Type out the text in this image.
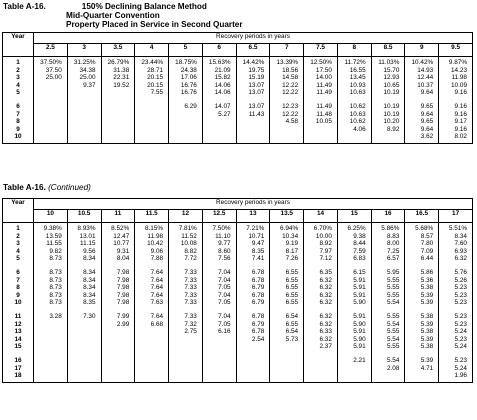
Table A-16.	150% Declining Balance Method
Mid-Quarter Convention
Property Placed in Service in Second Quarter
Year	Recovery periods in years												
	2.5	3	3.5	4	5	6	6.5	7	7.5	8	8.5	9	9.5
1	37.50%	31.25%	26.79%	23.44%	18.75%	15.63%	14.42%	13.39%	12.50%	11.72%	11.03%	10.42%	9.87%
2	37.50	34.38	31.38	28.71	24.38	21.09	19.75	18.56	17.50	16.55	15.70	14.93	14.23
3	25.00	25.00	22.31	20.15	17.06	15.82	15.19	14.58	14.00	13.45	12.93	12.44	11.98
4		9.37	19.52	20.15	16.76	14.06	13.07	12.22	11.49	10.93	10.65	10.37	10.09
5				7.55	16.76	14.06	13.07	12.22	11.49	10.63	10.19	9.64	9.16

6					6.29	14.07	13.07	12.23	11.49	10.62	10.19	9.65	9.16
7						5.27	11.43	12.22	11.48	10.63	10.19	9.64	9.16
8								4.58	10.05	10.62	10.20	9.65	9.17
9										4.06	8.92	9.64	9.16
10												3.62	8.02
Table A-16. (Continued)
Year	Recovery periods in years												
	10	10.5	11	11.5	12	12.5	13	13.5	14	15	16	16.5	17
1	9.38%	8.93%	8.52%	8.15%	7.81%	7.50%	7.21%	6.94%	6.70%	6.25%	5.86%	5.68%	5.51%
2	13.59	13.01	12.47	11.98	11.52	11.10	10.71	10.34	10.00	9.38	8.83	8.57	8.34
3	11.55	11.15	10.77	10.42	10.08	9.77	9.47	9.19	8.92	8.44	8.00	7.80	7.60
4	9.82	9.56	9.31	9.06	8.82	8.60	8.35	8.17	7.97	7.59	7.25	7.09	6.93
5	8.73	8.34	8.04	7.88	7.72	7.56	7.41	7.26	7.12	6.83	6.57	6.44	6.32

6	8.73	8.34	7.98	7.64	7.33	7.04	6.78	6.55	6.35	6.15	5.95	5.86	5.76
7	8.73	8.34	7.98	7.64	7.33	7.04	6.78	6.55	6.32	5.91	5.55	5.36	5.26
8	8.73	8.34	7.98	7.64	7.33	7.05	6.79	6.55	6.32	5.91	5.55	5.38	5.23
9	8.73	8.34	7.98	7.64	7.33	7.04	6.78	6.55	6.32	5.91	5.55	5.39	5.23
10	8.73	8.35	7.98	7.63	7.33	7.05	6.79	6.55	6.32	5.90	5.54	5.39	5.23

11	3.28	7.30	7.99	7.64	7.33	7.04	6.78	6.54	6.32	5.91	5.55	5.38	5.23
12			2.99	6.68	7.32	7.05	6.79	6.55	6.32	5.90	5.54	5.39	5.23
13					2.75	6.16	6.78	6.54	6.33	5.91	5.55	5.38	5.24
14							2.54	5.73	6.32	5.90	5.54	5.39	5.23
15									2.37	5.91	5.55	5.38	5.24

16										2.21	5.54	5.39	5.23
17											2.08	4.71	5.24
18													1.96
